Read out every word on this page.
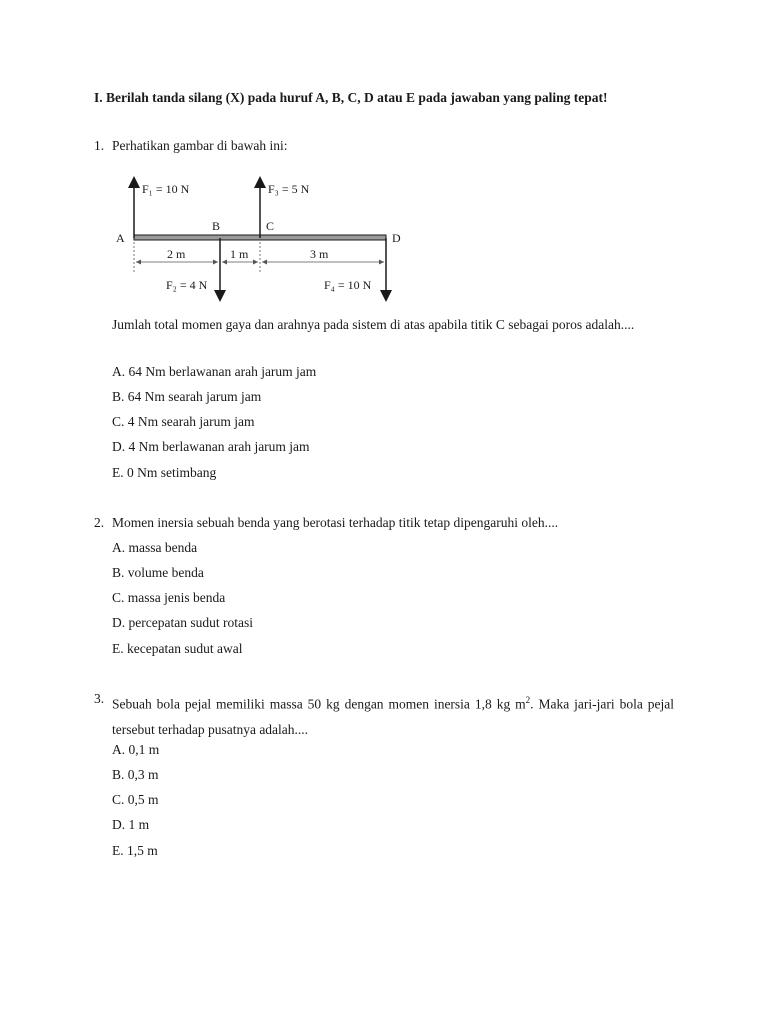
I. Berilah tanda silang (X) pada huruf A, B, C, D atau E pada jawaban yang paling tepat!
1. Perhatikan gambar di bawah ini:
F₁ = 10 N	F₃ = 5 N
B	C
A	D
2 m	1 m	3 m
F₂ = 4 N	F₄ = 10 N
Jumlah total momen gaya dan arahnya pada sistem di atas apabila titik C sebagai poros adalah....
A. 64 Nm berlawanan arah jarum jam
B. 64 Nm searah jarum jam
C. 4 Nm searah jarum jam
D. 4 Nm berlawanan arah jarum jam
E. 0 Nm setimbang
2. Momen inersia sebuah benda yang berotasi terhadap titik tetap dipengaruhi oleh....
A. massa benda
B. volume benda
C. massa jenis benda
D. percepatan sudut rotasi
E. kecepatan sudut awal
3. Sebuah bola pejal memiliki massa 50 kg dengan momen inersia 1,8 kg $m^2$. Maka jari-jari bola pejal tersebut terhadap pusatnya adalah....
A. 0,1 m
B. 0,3 m
C. 0,5 m
D. 1 m
E. 1,5 m
